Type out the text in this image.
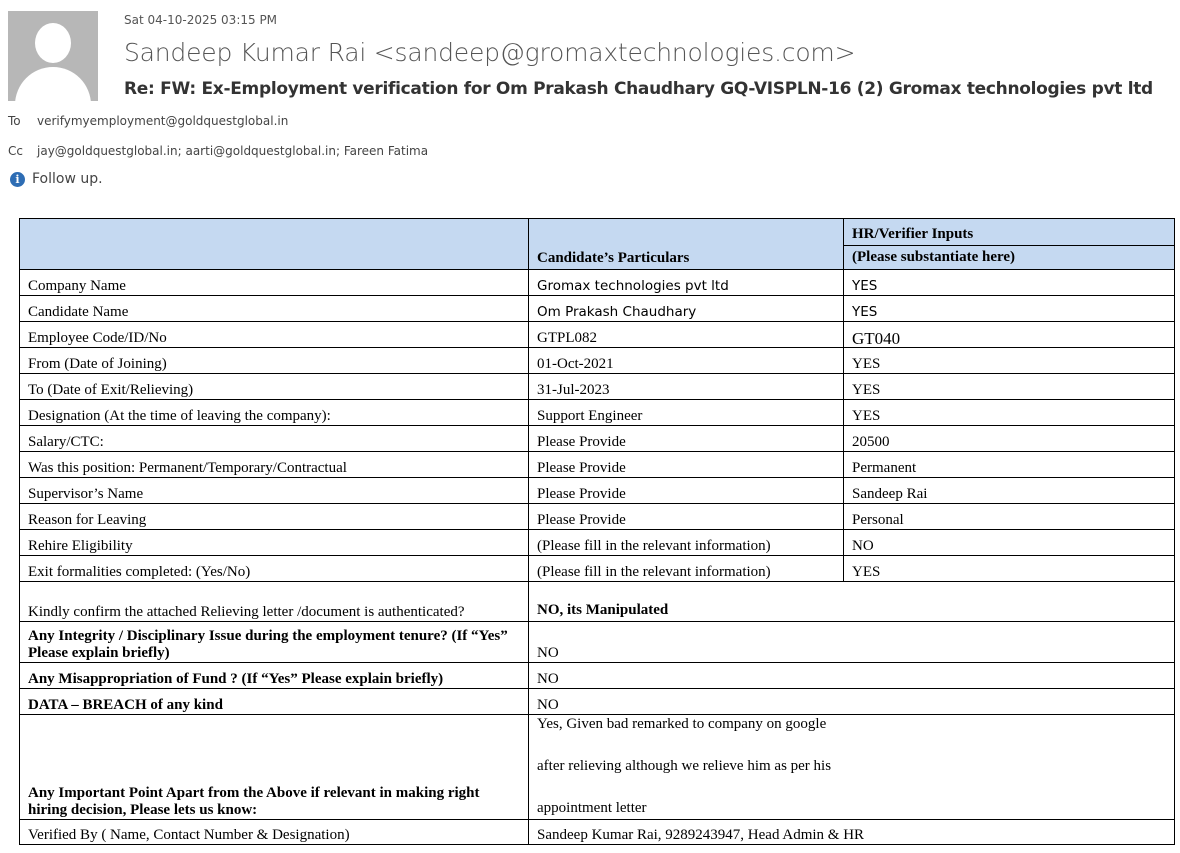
Sat 04-10-2025 03:15 PM
Sandeep Kumar Rai <sandeep@gromaxtechnologies.com>
Re: FW: Ex-Employment verification for Om Prakash Chaudhary GQ-VISPLN-16 (2) Gromax technologies pvt ltd
To verifymyemployment@goldquestglobal.in
Cc jay@goldquestglobal.in; aarti@goldquestglobal.in; Fareen Fatima
i Follow up.
	Candidate’s Particulars	HR/Verifier Inputs
(Please substantiate here)

Company Name	Gromax technologies pvt ltd	YES
Candidate Name	Om Prakash Chaudhary	YES
Employee Code/ID/No	GTPL082	GT040
From (Date of Joining)	01-Oct-2021	YES
To (Date of Exit/Relieving)	31-Jul-2023	YES
Designation (At the time of leaving the company):	Support Engineer	YES
Salary/CTC:	Please Provide	20500
Was this position: Permanent/Temporary/Contractual	Please Provide	Permanent
Supervisor’s Name	Please Provide	Sandeep Rai
Reason for Leaving	Please Provide	Personal
Rehire Eligibility	(Please fill in the relevant information)	NO
Exit formalities completed: (Yes/No)	(Please fill in the relevant information)	YES
Kindly confirm the attached Relieving letter /document is authenticated?	NO, its Manipulated	
Any Integrity / Disciplinary Issue during the employment tenure? (If “Yes” Please explain briefly)	NO	
Any Misappropriation of Fund ? (If “Yes” Please explain briefly)	NO	
DATA – BREACH of any kind	NO	
Any Important Point Apart from the Above if relevant in making right hiring decision, Please lets us know:	Yes, Given bad remarked to company on google
after relieving although we relieve him as per his
appointment letter	

Verified By ( Name, Contact Number & Designation)	Sandeep Kumar Rai, 9289243947, Head Admin & HR	
